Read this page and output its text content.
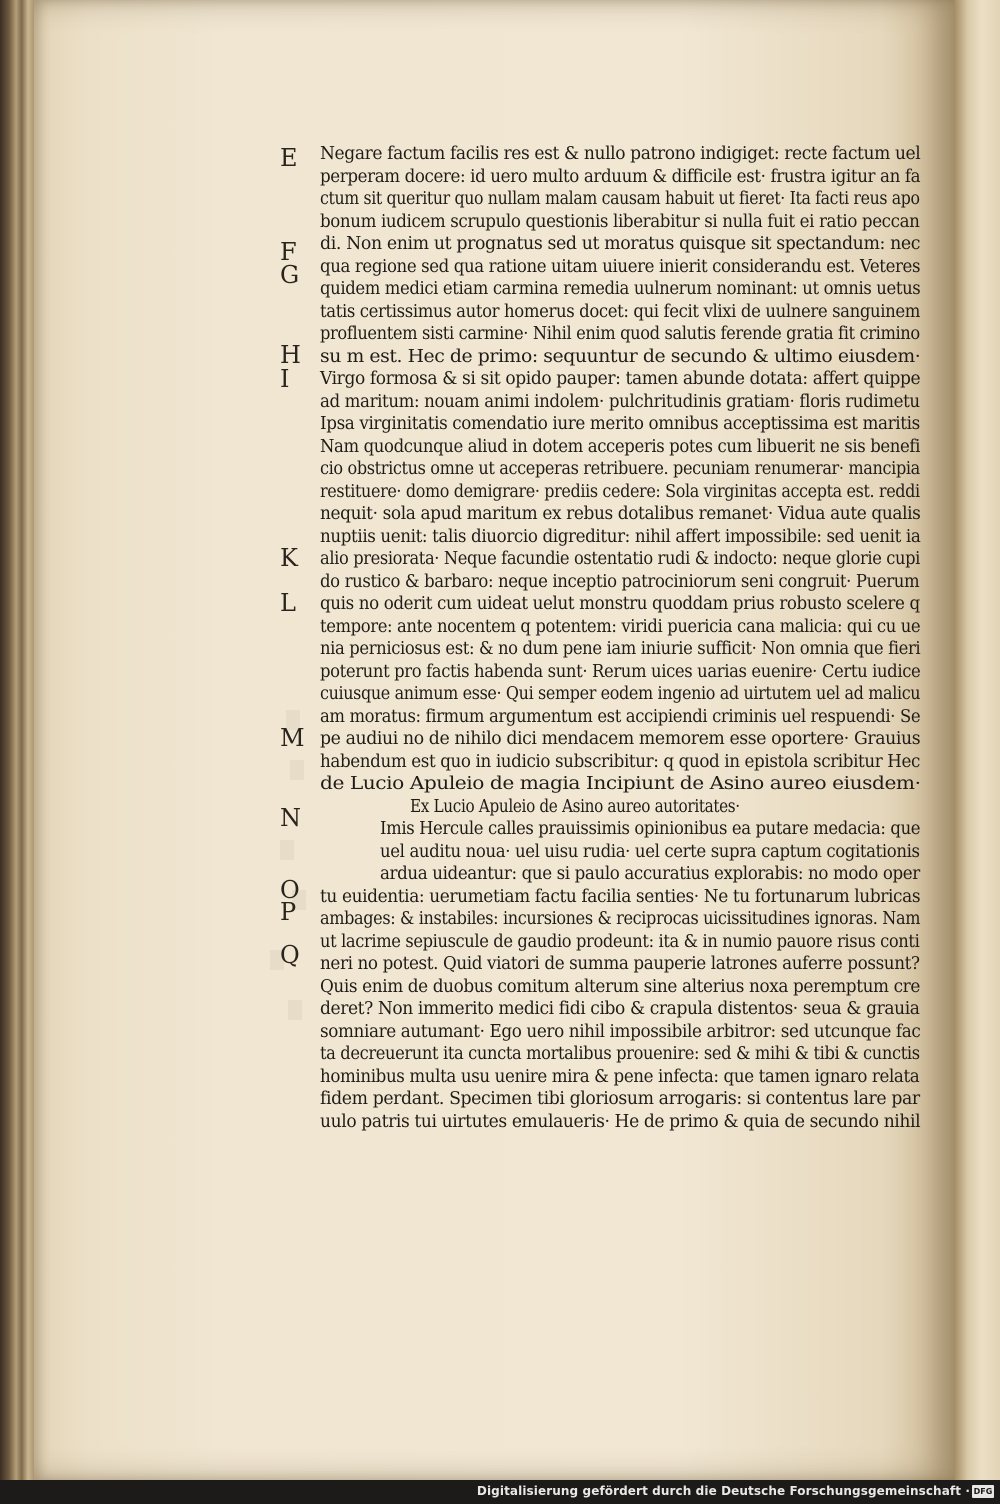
E
F
G
H
I
K
L
M
N
O
P
Q
Negare factum facilis res est & nullo patrono indigiget: recte factum uel
perperam docere: id uero multo arduum & difficile est· frustra igitur an fa
ctum sit queritur quo nullam malam causam habuit ut fieret· Ita facti reus apo
bonum iudicem scrupulo questionis liberabitur si nulla fuit ei ratio peccan
di. Non enim ut prognatus sed ut moratus quisque sit spectandum: nec
qua regione sed qua ratione uitam uiuere inierit considerandu est. Veteres
quidem medici etiam carmina remedia uulnerum nominant: ut omnis uetus
tatis certissimus autor homerus docet: qui fecit vlixi de uulnere sanguinem
profluentem sisti carmine· Nihil enim quod salutis ferende gratia fit crimino
su m est. Hec de primo: sequuntur de secundo & ultimo eiusdem·
Virgo formosa & si sit opido pauper: tamen abunde dotata: affert quippe
ad maritum: nouam animi indolem· pulchritudinis gratiam· floris rudimetu
Ipsa virginitatis comendatio iure merito omnibus acceptissima est maritis
Nam quodcunque aliud in dotem acceperis potes cum libuerit ne sis benefi
cio obstrictus omne ut acceperas retribuere. pecuniam renumerar· mancipia
restituere· domo demigrare· prediis cedere: Sola virginitas accepta est. reddi
nequit· sola apud maritum ex rebus dotalibus remanet· Vidua aute qualis
nuptiis uenit: talis diuorcio digreditur: nihil affert impossibile: sed uenit ia
alio presiorata· Neque facundie ostentatio rudi & indocto: neque glorie cupi
do rustico & barbaro: neque inceptio patrociniorum seni congruit· Puerum
quis no oderit cum uideat uelut monstru quoddam prius robusto scelere q
tempore: ante nocentem q potentem: viridi puericia cana malicia: qui cu ue
nia perniciosus est: & no dum pene iam iniurie sufficit· Non omnia que fieri
poterunt pro factis habenda sunt· Rerum uices uarias euenire· Certu iudice
cuiusque animum esse· Qui semper eodem ingenio ad uirtutem uel ad malicu
am moratus: firmum argumentum est accipiendi criminis uel respuendi· Se
pe audiui no de nihilo dici mendacem memorem esse oportere· Grauius
habendum est quo in iudicio subscribitur: q quod in epistola scribitur Hec
de Lucio Apuleio de magia Incipiunt de Asino aureo eiusdem·
Ex Lucio Apuleio de Asino aureo autoritates·
Imis Hercule calles prauissimis opinionibus ea putare medacia: que
uel auditu noua· uel uisu rudia· uel certe supra captum cogitationis
ardua uideantur: que si paulo accuratius explorabis: no modo oper
tu euidentia: uerumetiam factu facilia senties· Ne tu fortunarum lubricas
ambages: & instabiles: incursiones & reciprocas uicissitudines ignoras. Nam
ut lacrime sepiuscule de gaudio prodeunt: ita & in numio pauore risus conti
neri no potest. Quid viatori de summa pauperie latrones auferre possunt?
Quis enim de duobus comitum alterum sine alterius noxa peremptum cre
deret? Non immerito medici fidi cibo & crapula distentos· seua & grauia
somniare autumant· Ego uero nihil impossibile arbitror: sed utcunque fac
ta decreuerunt ita cuncta mortalibus prouenire: sed & mihi & tibi & cunctis
hominibus multa usu uenire mira & pene infecta: que tamen ignaro relata
fidem perdant. Specimen tibi gloriosum arrogaris: si contentus lare par
uulo patris tui uirtutes emulaueris· He de primo & quia de secundo nihil
Digitalisierung gefördert durch die Deutsche Forschungsgemeinschaft · DFG
